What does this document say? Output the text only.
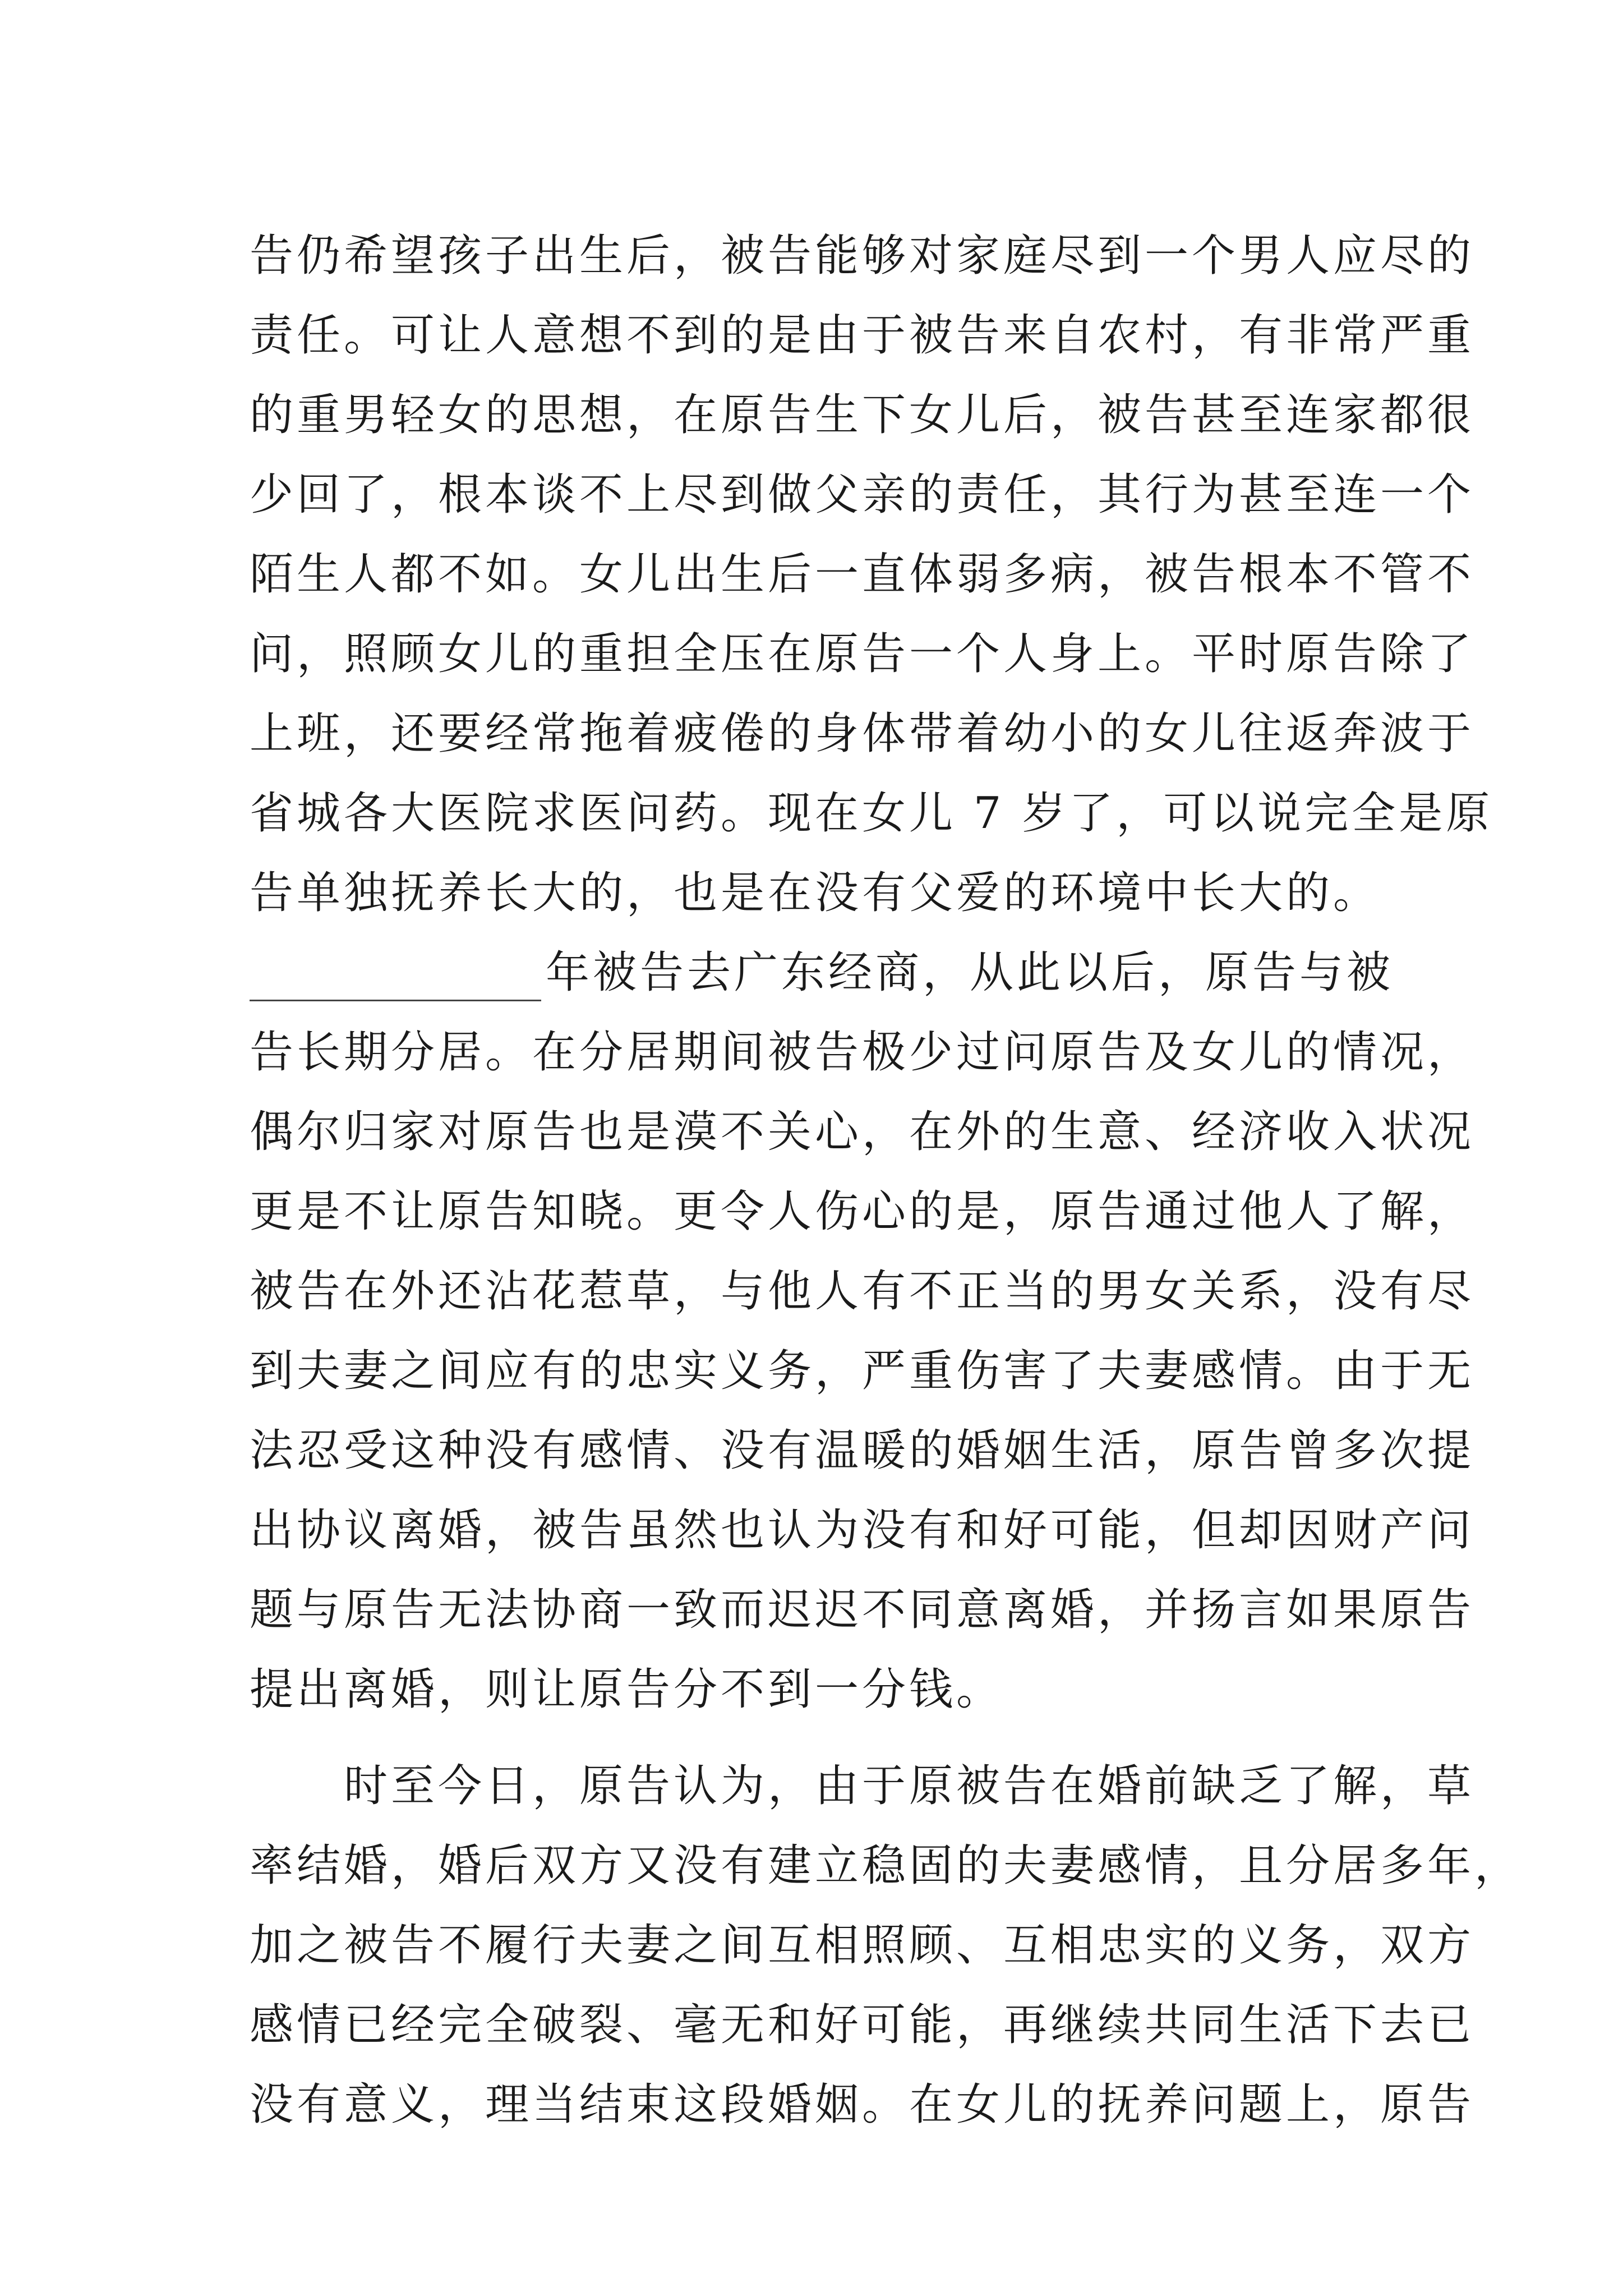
告仍希望孩子出生后，被告能够对家庭尽到一个男人应尽的
责任。可让人意想不到的是由于被告来自农村，有非常严重
的重男轻女的思想，在原告生下女儿后，被告甚至连家都很
少回了，根本谈不上尽到做父亲的责任，其行为甚至连一个
陌生人都不如。女儿出生后一直体弱多病，被告根本不管不
问，照顾女儿的重担全压在原告一个人身上。平时原告除了
上班，还要经常拖着疲倦的身体带着幼小的女儿往返奔波于
省城各大医院求医问药。现在女儿 7 岁了，可以说完全是原
告单独抚养长大的，也是在没有父爱的环境中长大的。
年被告去广东经商，从此以后，原告与被
告长期分居。在分居期间被告极少过问原告及女儿的情况，
偶尔归家对原告也是漠不关心，在外的生意、经济收入状况
更是不让原告知晓。更令人伤心的是，原告通过他人了解，
被告在外还沾花惹草，与他人有不正当的男女关系，没有尽
到夫妻之间应有的忠实义务，严重伤害了夫妻感情。由于无
法忍受这种没有感情、没有温暖的婚姻生活，原告曾多次提
出协议离婚，被告虽然也认为没有和好可能，但却因财产问
题与原告无法协商一致而迟迟不同意离婚，并扬言如果原告
提出离婚，则让原告分不到一分钱。
　　时至今日，原告认为，由于原被告在婚前缺乏了解，草
率结婚，婚后双方又没有建立稳固的夫妻感情，且分居多年，
加之被告不履行夫妻之间互相照顾、互相忠实的义务，双方
感情已经完全破裂、毫无和好可能，再继续共同生活下去已
没有意义，理当结束这段婚姻。在女儿的抚养问题上，原告
